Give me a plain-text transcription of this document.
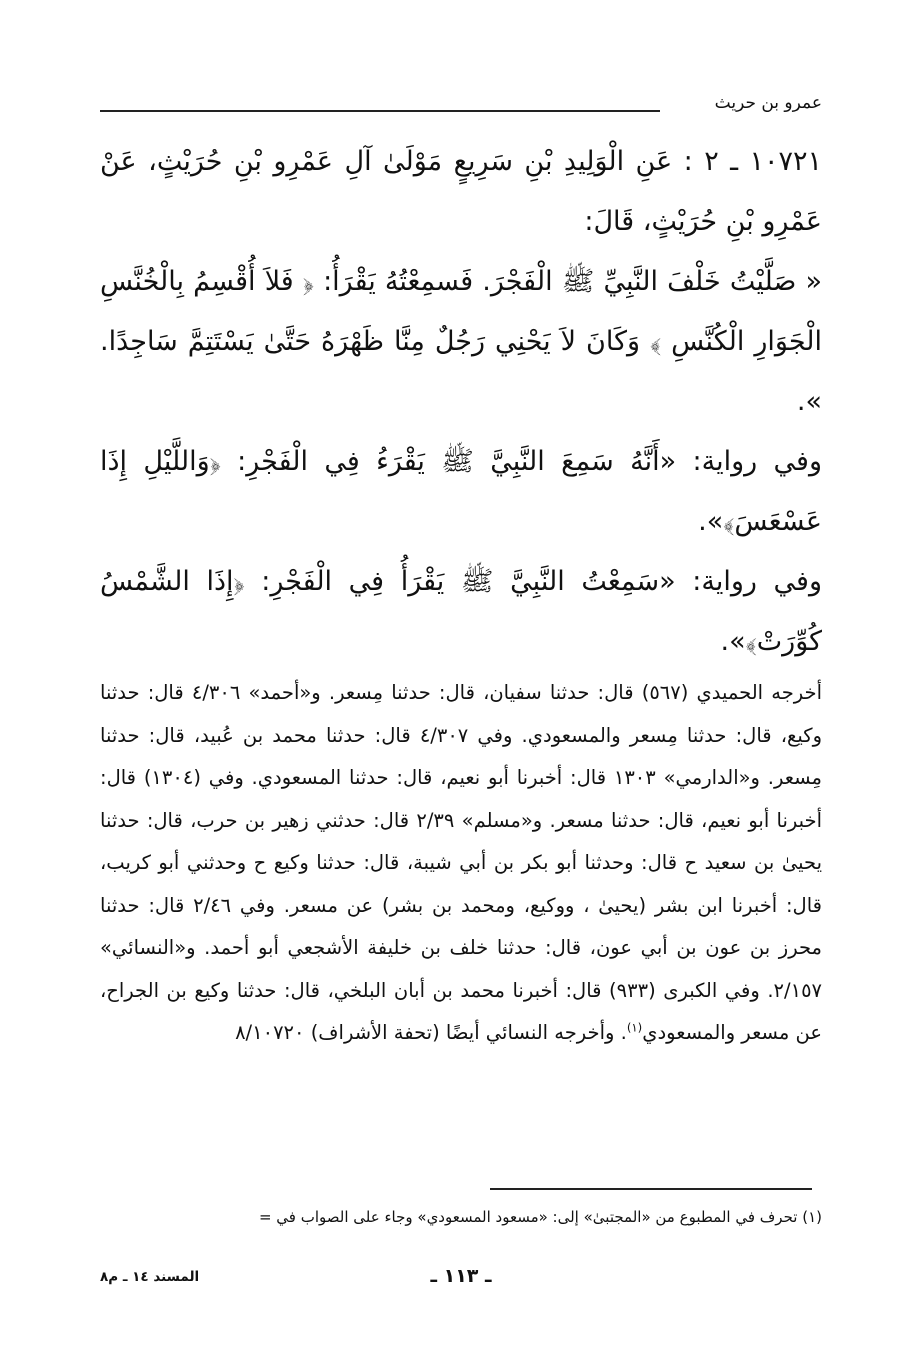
عمرو بن حريث

١٠٧٢١ ـ ٢ : عَنِ الْوَلِيدِ بْنِ سَرِيعٍ مَوْلَىٰ آلِ عَمْرِو بْنِ حُرَيْثٍ، عَنْ عَمْرِو بْنِ حُرَيْثٍ، قَالَ:

« صَلَّيْتُ خَلْفَ النَّبِيِّ ﷺ الْفَجْرَ. فَسمِعْتُهُ يَقْرَأُ: ﴿ فَلاَ أُقْسِمُ بِالْخُنَّسِ الْجَوَارِ الْكُنَّسِ ﴾ وَكَانَ لاَ يَحْنِي رَجُلٌ مِنَّا ظَهْرَهُ حَتَّىٰ يَسْتَتِمَّ سَاجِدًا. ».

وفي رواية: «أَنَّهُ سَمِعَ النَّبِيَّ ﷺ يَقْرَءُ فِي الْفَجْرِ: ﴿وَاللَّيْلِ إِذَا عَسْعَسَ﴾».

وفي رواية: «سَمِعْتُ النَّبِيَّ ﷺ يَقْرَأُ فِي الْفَجْرِ: ﴿إِذَا الشَّمْسُ كُوِّرَتْ﴾».

أخرجه الحميدي (٥٦٧) قال: حدثنا سفيان، قال: حدثنا مِسعر. و«أحمد» ٤/٣٠٦ قال: حدثنا وكيع، قال: حدثنا مِسعر والمسعودي. وفي ٤/٣٠٧ قال: حدثنا محمد بن عُبيد، قال: حدثنا مِسعر. و«الدارمي» ١٣٠٣ قال: أخبرنا أبو نعيم، قال: حدثنا المسعودي. وفي (١٣٠٤) قال: أخبرنا أبو نعيم، قال: حدثنا مسعر. و«مسلم» ٢/٣٩ قال: حدثني زهير بن حرب، قال: حدثنا يحيىٰ بن سعيد ح قال: وحدثنا أبو بكر بن أبي شيبة، قال: حدثنا وكيع ح وحدثني أبو كريب، قال: أخبرنا ابن بشر (يحيىٰ ، ووكيع، ومحمد بن بشر) عن مسعر. وفي ٢/٤٦ قال: حدثنا محرز بن عون بن أبي عون، قال: حدثنا خلف بن خليفة الأشجعي أبو أحمد. و«النسائي» ٢/١٥٧. وفي الكبرى (٩٣٣) قال: أخبرنا محمد بن أبان البلخي، قال: حدثنا وكيع بن الجراح، عن مسعر والمسعودي$^{(١)}$. وأخرجه النسائي أيضًا (تحفة الأشراف) ٨/١٠٧٢٠

(١) تحرف في المطبوع من «المجتبىٰ» إلى: «مسعود المسعودي» وجاء على الصواب في =
ـ ١١٣ ـ
المسند ١٤ ـ م٨
